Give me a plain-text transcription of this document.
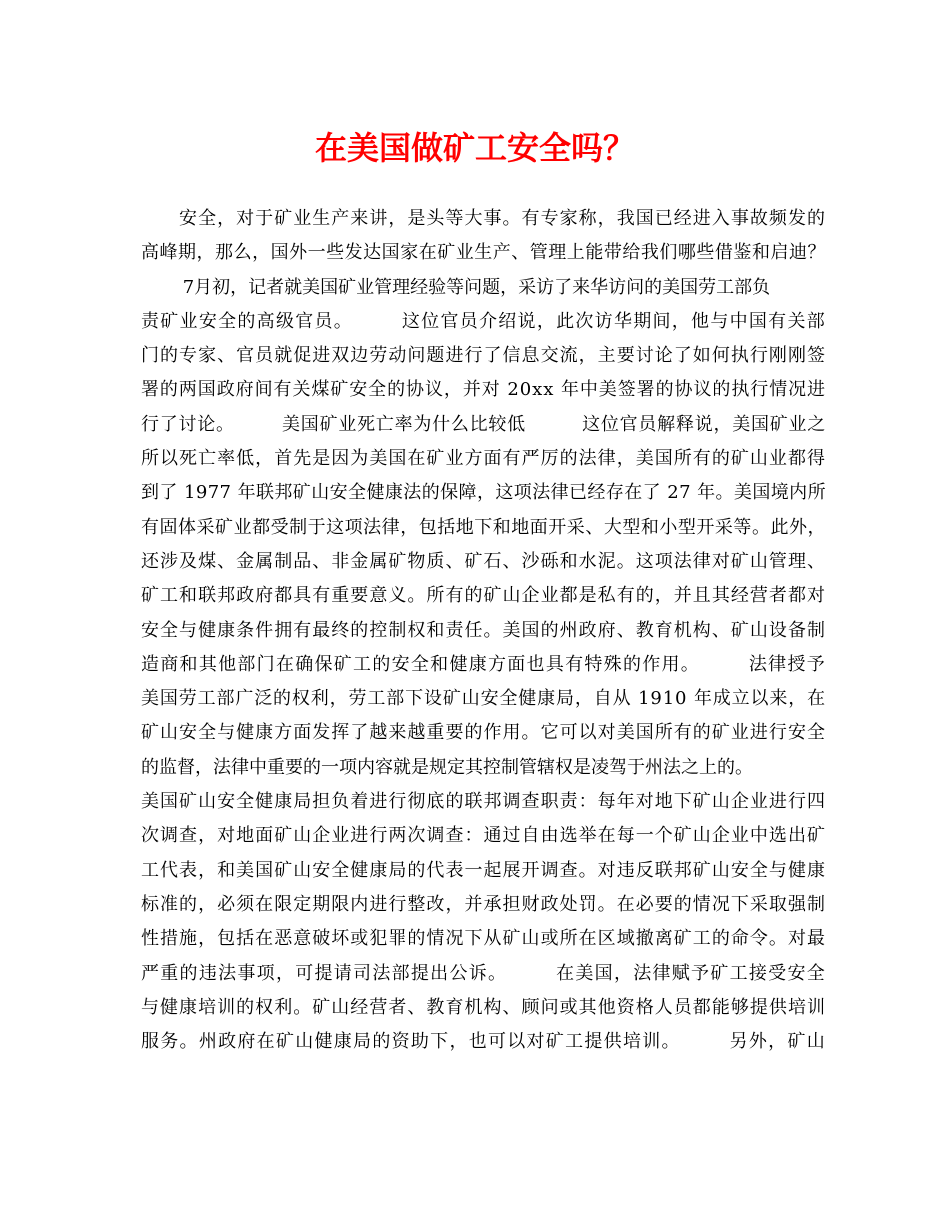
在美国做矿工安全吗？
　　安全，对于矿业生产来讲，是头等大事。有专家称，我国已经进入事故频发的
高峰期，那么，国外一些发达国家在矿业生产、管理上能带给我们哪些借鉴和启迪？
　　 7月初，记者就美国矿业管理经验等问题，采访了来华访问的美国劳工部负
责矿业安全的高级官员。　　　这位官员介绍说，此次访华期间，他与中国有关部
门的专家、官员就促进双边劳动问题进行了信息交流，主要讨论了如何执行刚刚签
署的两国政府间有关煤矿安全的协议，并对 20xx 年中美签署的协议的执行情况进
行了讨论。　　　美国矿业死亡率为什么比较低　　　这位官员解释说，美国矿业之
所以死亡率低，首先是因为美国在矿业方面有严厉的法律，美国所有的矿山业都得
到了 1977 年联邦矿山安全健康法的保障，这项法律已经存在了 27 年。美国境内所
有固体采矿业都受制于这项法律，包括地下和地面开采、大型和小型开采等。此外，
还涉及煤、金属制品、非金属矿物质、矿石、沙砾和水泥。这项法律对矿山管理、
矿工和联邦政府都具有重要意义。所有的矿山企业都是私有的，并且其经营者都对
安全与健康条件拥有最终的控制权和责任。美国的州政府、教育机构、矿山设备制
造商和其他部门在确保矿工的安全和健康方面也具有特殊的作用。　　　法律授予
美国劳工部广泛的权利，劳工部下设矿山安全健康局，自从 1910 年成立以来，在
矿山安全与健康方面发挥了越来越重要的作用。它可以对美国所有的矿业进行安全
的监督，法律中重要的一项内容就是规定其控制管辖权是凌驾于州法之上的。
美国矿山安全健康局担负着进行彻底的联邦调查职责：每年对地下矿山企业进行四
次调查，对地面矿山企业进行两次调查：通过自由选举在每一个矿山企业中选出矿
工代表，和美国矿山安全健康局的代表一起展开调查。对违反联邦矿山安全与健康
标准的，必须在限定期限内进行整改，并承担财政处罚。在必要的情况下采取强制
性措施，包括在恶意破坏或犯罪的情况下从矿山或所在区域撤离矿工的命令。对最
严重的违法事项，可提请司法部提出公诉。　　　在美国，法律赋予矿工接受安全
与健康培训的权利。矿山经营者、教育机构、顾问或其他资格人员都能够提供培训
服务。州政府在矿山健康局的资助下，也可以对矿工提供培训。　　　另外，矿山
